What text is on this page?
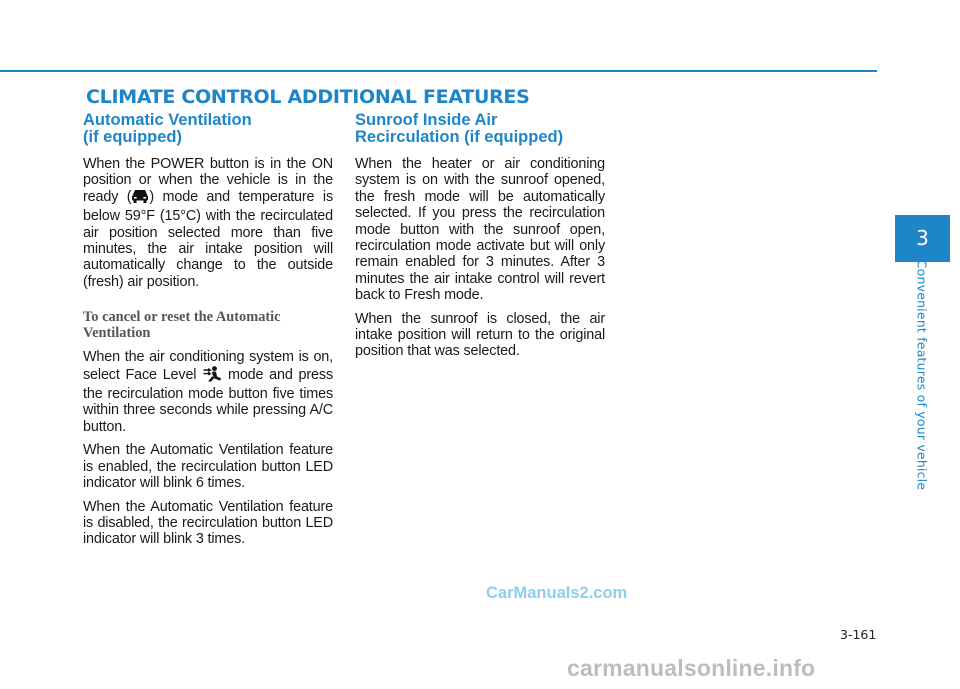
CLIMATE CONTROL ADDITIONAL FEATURES
Automatic Ventilation
(if equipped)

When the POWER button is in the ON position or when the vehicle is in the ready ( ) mode and temperature is below 59°F (15°C) with the recirculated air position selected more than five minutes, the air intake position will automatically change to the outside (fresh) air position.

To cancel or reset the Automatic
Ventilation

When the air conditioning system is on, select Face Level mode and press the recirculation mode button five times within three seconds while pressing A/C button.

When the Automatic Ventilation feature is enabled, the recirculation button LED indicator will blink 6 times.

When the Automatic Ventilation feature is disabled, the recirculation button LED indicator will blink 3 times.

Sunroof Inside Air
Recirculation (if equipped)

When the heater or air conditioning system is on with the sunroof opened, the fresh mode will be automatically selected. If you press the recirculation mode button with the sunroof open, recirculation mode activate but will only remain enabled for 3 minutes. After 3 minutes the air intake control will revert back to Fresh mode.

When the sunroof is closed, the air intake position will return to the original position that was selected.

3
Convenient features of your vehicle
3-161
CarManuals2.com
carmanualsonline.info
